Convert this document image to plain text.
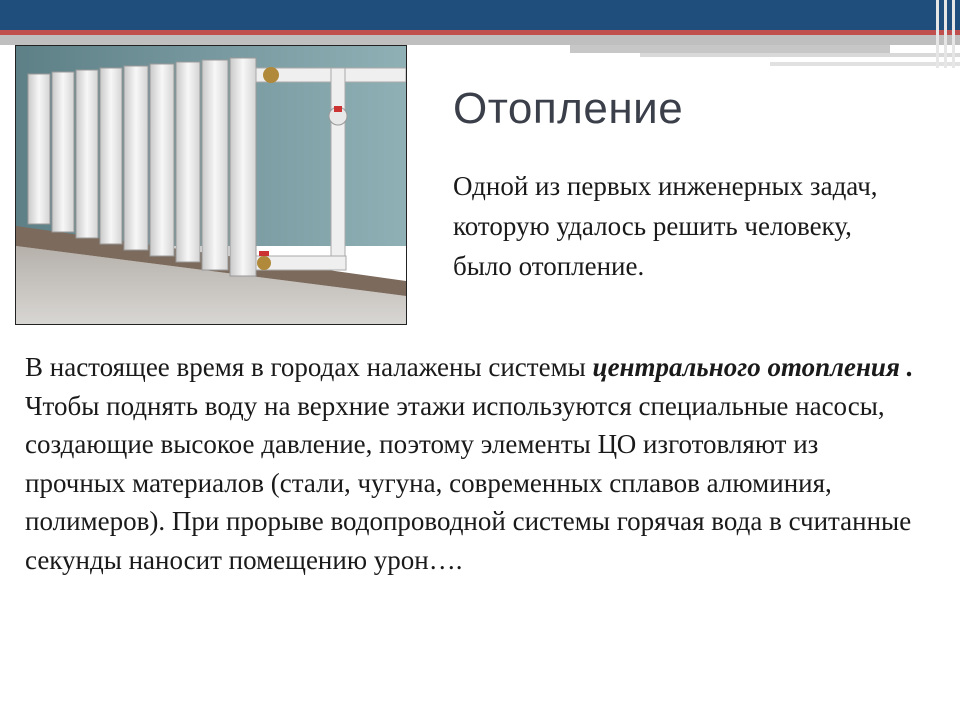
Отопление
Одной из первых инженерных задач, которую удалось решить человеку, было отопление.
В настоящее время в городах налажены системы центрального отопления . Чтобы поднять воду на верхние этажи используются специальные насосы, создающие высокое давление, поэтому элементы ЦО изготовляют из прочных материалов (стали, чугуна, современных сплавов алюминия, полимеров). При прорыве водопроводной системы горячая вода в считанные секунды наносит помещению урон….
